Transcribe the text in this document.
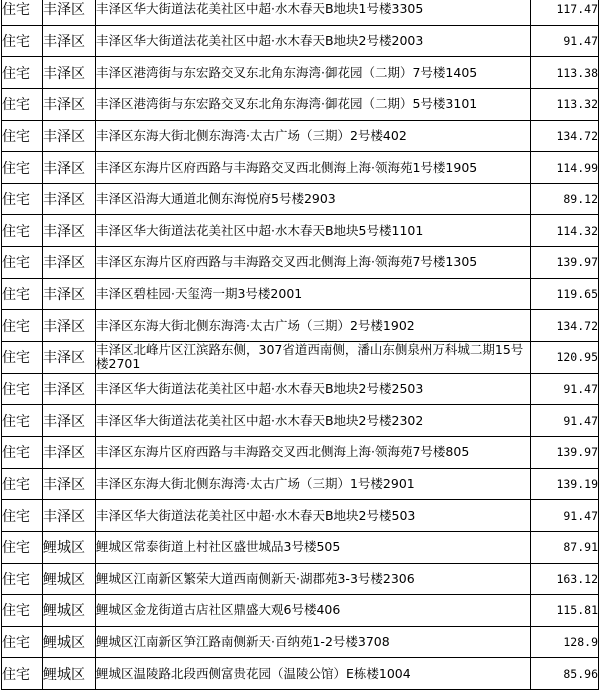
住宅	丰泽区	丰泽区华大街道法花美社区中超·水木春天B地块1号楼3305	117.47
住宅	丰泽区	丰泽区华大街道法花美社区中超·水木春天B地块2号楼2003	91.47
住宅	丰泽区	丰泽区港湾街与东宏路交叉东北角东海湾·御花园（二期）7号楼1405	113.38
住宅	丰泽区	丰泽区港湾街与东宏路交叉东北角东海湾·御花园（二期）5号楼3101	113.32
住宅	丰泽区	丰泽区东海大街北侧东海湾·太古广场（三期）2号楼402	134.72
住宅	丰泽区	丰泽区东海片区府西路与丰海路交叉西北侧海上海·领海苑1号楼1905	114.99
住宅	丰泽区	丰泽区沿海大通道北侧东海悦府5号楼2903	89.12
住宅	丰泽区	丰泽区华大街道法花美社区中超·水木春天B地块5号楼1101	114.32
住宅	丰泽区	丰泽区东海片区府西路与丰海路交叉西北侧海上海·领海苑7号楼1305	139.97
住宅	丰泽区	丰泽区碧桂园·天玺湾一期3号楼2001	119.65
住宅	丰泽区	丰泽区东海大街北侧东海湾·太古广场（三期）2号楼1902	134.72
住宅	丰泽区	丰泽区北峰片区江滨路东侧，307省道西南侧，潘山东侧泉州万科城二期15号楼2701	120.95
住宅	丰泽区	丰泽区华大街道法花美社区中超·水木春天B地块2号楼2503	91.47
住宅	丰泽区	丰泽区华大街道法花美社区中超·水木春天B地块2号楼2302	91.47
住宅	丰泽区	丰泽区东海片区府西路与丰海路交叉西北侧海上海·领海苑7号楼805	139.97
住宅	丰泽区	丰泽区东海大街北侧东海湾·太古广场（三期）1号楼2901	139.19
住宅	丰泽区	丰泽区华大街道法花美社区中超·水木春天B地块2号楼503	91.47
住宅	鲤城区	鲤城区常泰街道上村社区盛世城品3号楼505	87.91
住宅	鲤城区	鲤城区江南新区繁荣大道西南侧新天·湖郡苑3-3号楼2306	163.12
住宅	鲤城区	鲤城区金龙街道古店社区鼎盛大观6号楼406	115.81
住宅	鲤城区	鲤城区江南新区笋江路南侧新天·百纳苑1-2号楼3708	128.9
住宅	鲤城区	鲤城区温陵路北段西侧富贵花园（温陵公馆）E栋楼1004	85.96
